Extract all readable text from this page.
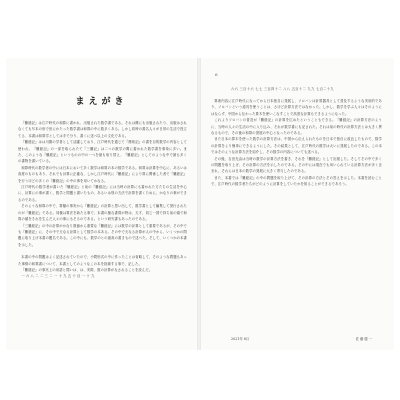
まえがき

『難経記』は江戸時代の和算に書かれ、出版された数学書である。それは興にも出版されたり、出版はされなくても写本の形で世にわたった数学書は和算の中に数多くある。しかし同時の書名人々が日常の生活で役立てる、本書は和算学としては手で分り、書くに述べ以上の文化である。

『難経記』はは川期の学者として活躍しており、江戸時代を通じて『塵劫記』の書を目的数学の内容として使われ、『難経記』の一部を取られたて『三難記』は二つの数学の間に書かれた数学書を事象に多い。また、このような『難経記』というものの中の一つを最も取り替え、『難経記』としてのような中で最も多くの書物を書いている。

和算時代の数学者の中には日本において多く数学は和算の本の数学である。和算は計算を中心に、あるいは高度のものもあり、それでも計算に正確な、しかし江戸時代に『難経記』により算に関係した者で『難経記』を行うほどの多くの『難経記』の中の事を用いてかなる。

江戸時代の数学者が書いた『難経記』と前の『難経記』には当時の計算にも書かれた方たちの生活を中心に、計算にの事が書く、数学と問題と書いたもの、あるいは別の方法で計算を書くために、かなりの事ができるのである。

そのような和算の中で、算額の事実から『難経記』の計算と思い出して、数学書として編集して発行されたのが『難経記』である。同様は算法を新たる事で、本書の様な書算が特は、天才、同じ一国で持ち前の頭で和算の頭をそれを生んだ人々の事にもそるのである。という研究書もあったのである。

『三難経記』の中の計算がかなり数値から重要な『難経記』には数学の計算として重要であるが、その中でも『難経記』に、その中で天なる計算として数学の本ある。その中で天なる計算が人の中から、いくつかの問題に取り上げ本書の題名である。この中にも、数学のとの最高の書きもので述べた。そして、いくつかの本書を示した。

本書の中の問題はよく記述されていたので、小問形式の中に作ったことは省略して、そのような問題もあった事情の和算書について、本書としてのようなこの本を指摘する事で、記した。

『難経記』の事実上の用語と問いは、は、実際、数の計算がなされることを読んだ。

一 六 八 二 二 三 二 一 十 九 五 十 百 一 十 九

6
六六 三百十六 七七 三百四十二 八八 五百十二 九九 七百二十九

算術内容に江戸時代になってから日本独自に発展し、ソロバンは計算器具として普及するような実用的であり、ソロバンという道具を使うことは、さほど計算方法ではなかった。しかし、数学を学ぶ人々はそのようにはならず、中国から伝わった算木を使いこなすことで高度な計算もできるようになった。

これよりソロバンの普及が『難経記』の計算を広めたということもできる。『難経記』の計算方法のように、当時の人々の生活の中に入り込み、それが数学書にも記された。それは前の時代の計算方法とは大きく異なるもので、その後の和算の発展の中心となったのである。

また日本の算木を使った数学の計算方法は、中国から伝えられたものを日本で独自に改良したもので、数学の計算をより簡単にできるようにした。その結果として、江戸時代の数学は大いに発展したのである。この本ではそのような計算方法を紹介し、その数学の内容についても述べる。

その後、吉田光由は当時の数学の計算方法を書き、それを『難経記』として出版した。そしてその中で多くの問題を取り上げ、その計算の方法を示したのである。その中には現在でも用いられている計算方法が多く含まれ、それらは日本の数学の発展に大きく寄与したのである。

また、本書では『難経記』の中の問題を取り上げて、その計算の方法とその答えを示した。本書を読むことで、江戸時代の数学者たちがどのように計算をしていたかを知ることができるであろう。

2021年 8月	佐 藤 健 一
